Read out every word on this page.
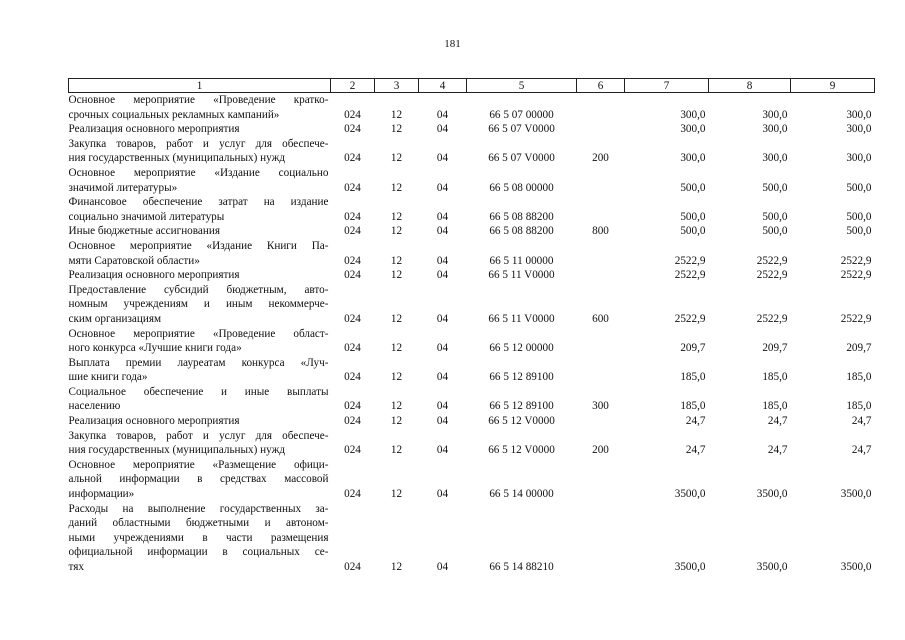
181
1	2	3	4	5	6	7	8	9

Основное мероприятие «Проведение кратко-
срочных социальных рекламных кампаний»	024	12	04	66 5 07 00000		300,0	300,0	300,0

Реализация основного мероприятия	024	12	04	66 5 07 V0000		300,0	300,0	300,0

Закупка товаров, работ и услуг для обеспече-
ния государственных (муниципальных) нужд	024	12	04	66 5 07 V0000	200	300,0	300,0	300,0

Основное мероприятие «Издание социально
значимой литературы»	024	12	04	66 5 08 00000		500,0	500,0	500,0

Финансовое обеспечение затрат на издание
социально значимой литературы	024	12	04	66 5 08 88200		500,0	500,0	500,0

Иные бюджетные ассигнования	024	12	04	66 5 08 88200	800	500,0	500,0	500,0

Основное мероприятие «Издание Книги Па-
мяти Саратовской области»	024	12	04	66 5 11 00000		2522,9	2522,9	2522,9

Реализация основного мероприятия	024	12	04	66 5 11 V0000		2522,9	2522,9	2522,9

Предоставление субсидий бюджетным, авто-
номным учреждениям и иным некоммерче-
ским организациям	024	12	04	66 5 11 V0000	600	2522,9	2522,9	2522,9

Основное мероприятие «Проведение област-
ного конкурса «Лучшие книги года»	024	12	04	66 5 12 00000		209,7	209,7	209,7

Выплата премии лауреатам конкурса «Луч-
шие книги года»	024	12	04	66 5 12 89100		185,0	185,0	185,0

Социальное обеспечение и иные выплаты
населению	024	12	04	66 5 12 89100	300	185,0	185,0	185,0

Реализация основного мероприятия	024	12	04	66 5 12 V0000		24,7	24,7	24,7

Закупка товаров, работ и услуг для обеспече-
ния государственных (муниципальных) нужд	024	12	04	66 5 12 V0000	200	24,7	24,7	24,7

Основное мероприятие «Размещение офици-
альной информации в средствах массовой
информации»	024	12	04	66 5 14 00000		3500,0	3500,0	3500,0

Расходы на выполнение государственных за-
даний областными бюджетными и автоном-
ными учреждениями в части размещения
официальной информации в социальных се-
тях	024	12	04	66 5 14 88210		3500,0	3500,0	3500,0
